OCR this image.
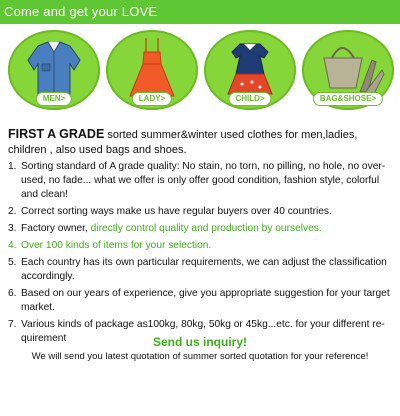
Come and get your LOVE
MEN>	LADY>	CHILD>	BAG&SHOSE>
FIRST A GRADE sorted summer&winter used clothes for men,ladies, children , also used bags and shoes.
1. Sorting standard of A grade quality: No stain, no torn, no pilling, no hole, no over-used, no fade... what we offer is only offer good condition, fashion style, colorful and clean!
2. Correct sorting ways make us have regular buyers over 40 countries.
3. Factory owner, directly control quality and production by ourselves.
4. Over 100 kinds of items for your selection.
5. Each country has its own particular requirements, we can adjust the classification accordingly.
6. Based on our years of experience, give you appropriate suggestion for your target market.
7. Various kinds of package as100kg, 80kg, 50kg or 45kg...etc. for your different re-quirement	Send us inquiry!
We will send you latest quotation of summer sorted quotation for your reference!
